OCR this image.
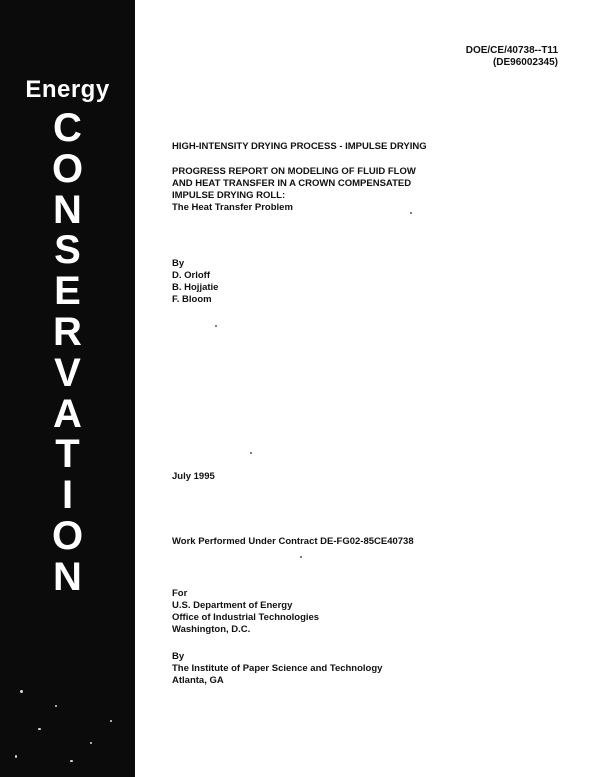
Energy
C
O
N
S
E
R
V
A
T
I
O
N
DOE/CE/40738--T11
(DE96002345)
HIGH-INTENSITY DRYING PROCESS - IMPULSE DRYING
PROGRESS REPORT ON MODELING OF FLUID FLOW
AND HEAT TRANSFER IN A CROWN COMPENSATED
IMPULSE DRYING ROLL:
The Heat Transfer Problem
By
D. Orloff
B. Hojjatie
F. Bloom
July 1995
Work Performed Under Contract DE-FG02-85CE40738
For
U.S. Department of Energy
Office of Industrial Technologies
Washington, D.C.
By
The Institute of Paper Science and Technology
Atlanta, GA
